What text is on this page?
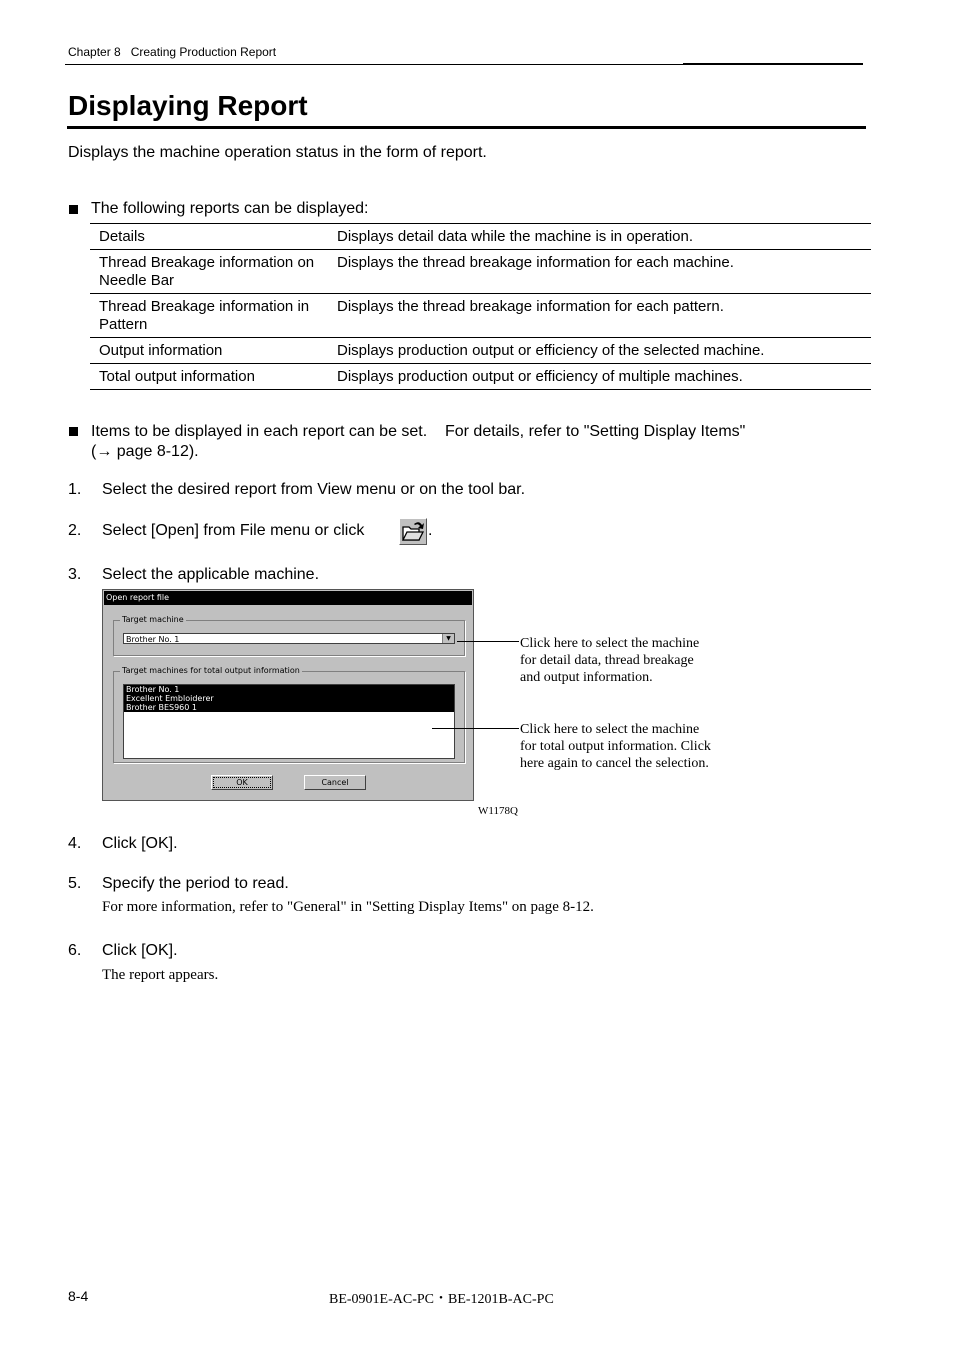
Chapter 8 Creating Production Report
Displaying Report
Displays the machine operation status in the form of report.
The following reports can be displayed:
Details	Displays detail data while the machine is in operation.
Thread Breakage information on Needle Bar	Displays the thread breakage information for each machine.
Thread Breakage information in Pattern	Displays the thread breakage information for each pattern.
Output information	Displays production output or efficiency of the selected machine.
Total output information	Displays production output or efficiency of multiple machines.
Items to be displayed in each report can be set.    For details, refer to "Setting Display Items"
(→ page 8-12).
1. Select the desired report from View menu or on the tool bar.
2. Select [Open] from File menu or click	.
3. Select the applicable machine.
Open report file
Target machine
Brother No. 1	▼
Target machines for total output information
Brother No. 1
Excellent Embloiderer
Brother BES960 1
OK	Cancel
Click here to select the machine
for detail data, thread breakage
and output information.
Click here to select the machine
for total output information. Click
here again to cancel the selection.
W1178Q
4. Click [OK].
5. Specify the period to read.
For more information, refer to "General" in "Setting Display Items" on page 8-12.
6. Click [OK].
The report appears.
8-4	BE-0901E-AC-PC・BE-1201B-AC-PC
